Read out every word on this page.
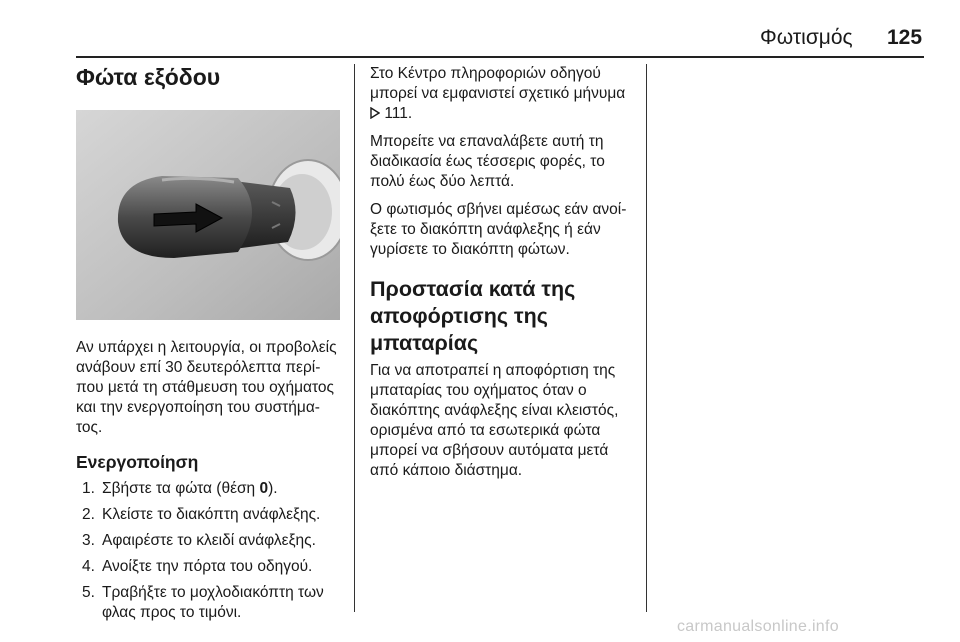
Φωτισμός 125
Φώτα εξόδου

Αν υπάρχει η λειτουργία, οι προβολείς ανάβουν επί 30 δευτερόλεπτα περί-που μετά τη στάθμευση του οχήματος και την ενεργοποίηση του συστήμα-τος.

Ενεργοποίηση
1. Σβήστε τα φώτα (θέση 0).
2. Κλείστε το διακόπτη ανάφλεξης.
3. Αφαιρέστε το κλειδί ανάφλεξης.
4. Ανοίξτε την πόρτα του οδηγού.
5. Τραβήξτε το μοχλοδιακόπτη των φλας προς το τιμόνι.

Στο Κέντρο πληροφοριών οδηγού μπορεί να εμφανιστεί σχετικό μήνυμα
111.

Μπορείτε να επαναλάβετε αυτή τη διαδικασία έως τέσσερις φορές, το πολύ έως δύο λεπτά.

Ο φωτισμός σβήνει αμέσως εάν ανοί-ξετε το διακόπτη ανάφλεξης ή εάν γυρίσετε το διακόπτη φώτων.

Προστασία κατά της αποφόρτισης της μπαταρίας

Για να αποτραπεί η αποφόρτιση της μπαταρίας του οχήματος όταν ο διακόπτης ανάφλεξης είναι κλειστός, ορισμένα από τα εσωτερικά φώτα μπορεί να σβήσουν αυτόματα μετά από κάποιο διάστημα.

carmanualsonline.info
